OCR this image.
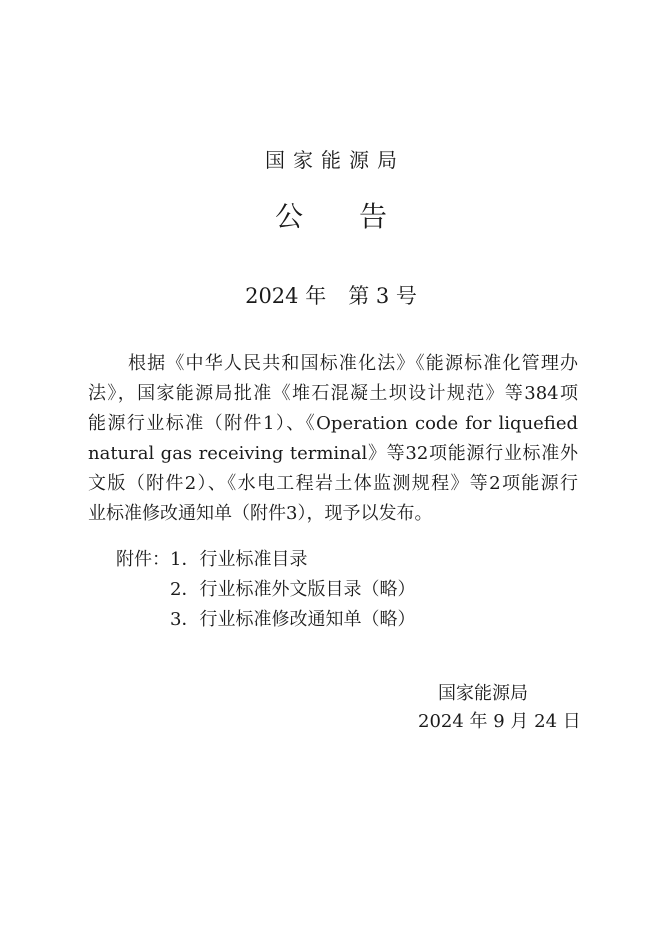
国家能源局
公 告
2024 年 第 3 号
根据《中华人民共和国标准化法》《能源标准化管理办
法》，国家能源局批准《堆石混凝土坝设计规范》等384项
能源行业标准（附件1）、《Operation code for liquefied
natural gas receiving terminal》等32项能源行业标准外
文版（附件2）、《水电工程岩土体监测规程》等2项能源行
业标准修改通知单（附件3），现予以发布。
附件：1．行业标准目录
2．行业标准外文版目录（略）
3．行业标准修改通知单（略）
国家能源局
2024 年 9 月 24 日
